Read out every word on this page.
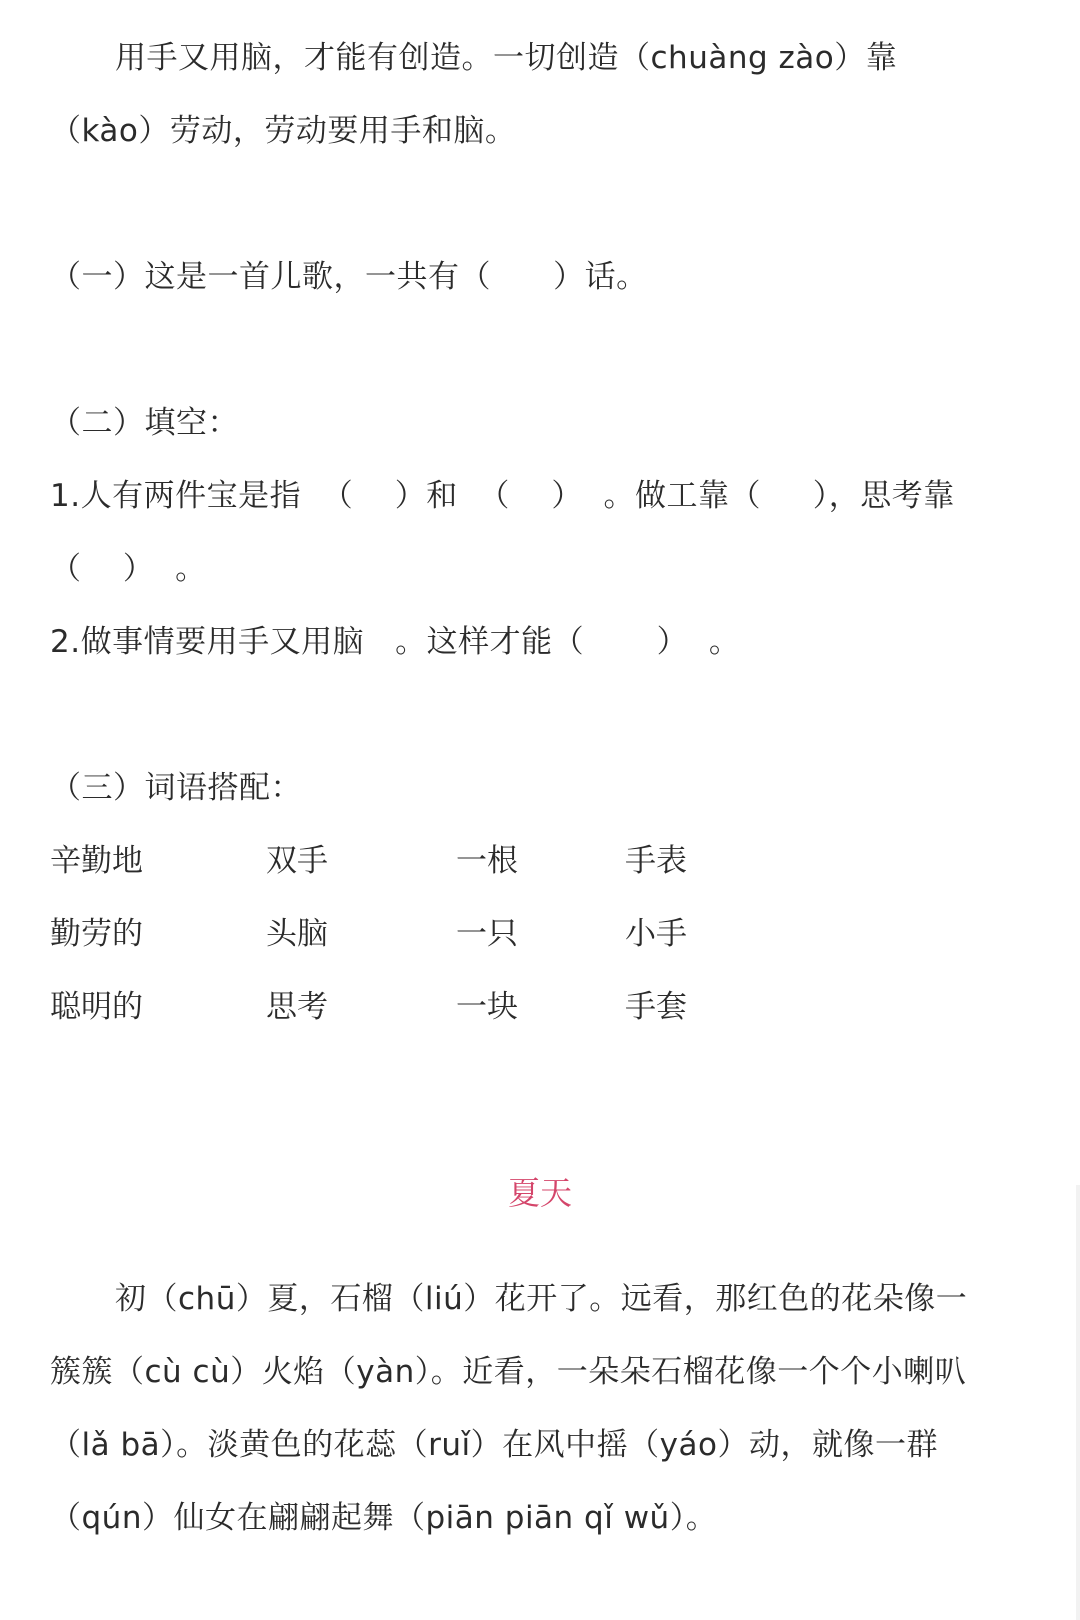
用手又用脑，才能有创造。一切创造（chuàng zào）靠
（kào）劳动，劳动要用手和脑。
（一）这是一首儿歌，一共有（      ）话。
（二）填空：
1.人有两件宝是指  （    ）和  （    ）  。做工靠（     ），思考靠
（    ）  。
2.做事情要用手又用脑   。这样才能（       ）  。
（三）词语搭配：
辛勤地	双手	一根	手表
勤劳的	头脑	一只	小手
聪明的	思考	一块	手套
夏天
初（chū）夏，石榴（liú）花开了。远看，那红色的花朵像一
簇簇（cù cù）火焰（yàn）。近看，一朵朵石榴花像一个个小喇叭
（lǎ bā）。淡黄色的花蕊（ruǐ）在风中摇（yáo）动，就像一群
（qún）仙女在翩翩起舞（piān piān qǐ wǔ）。
